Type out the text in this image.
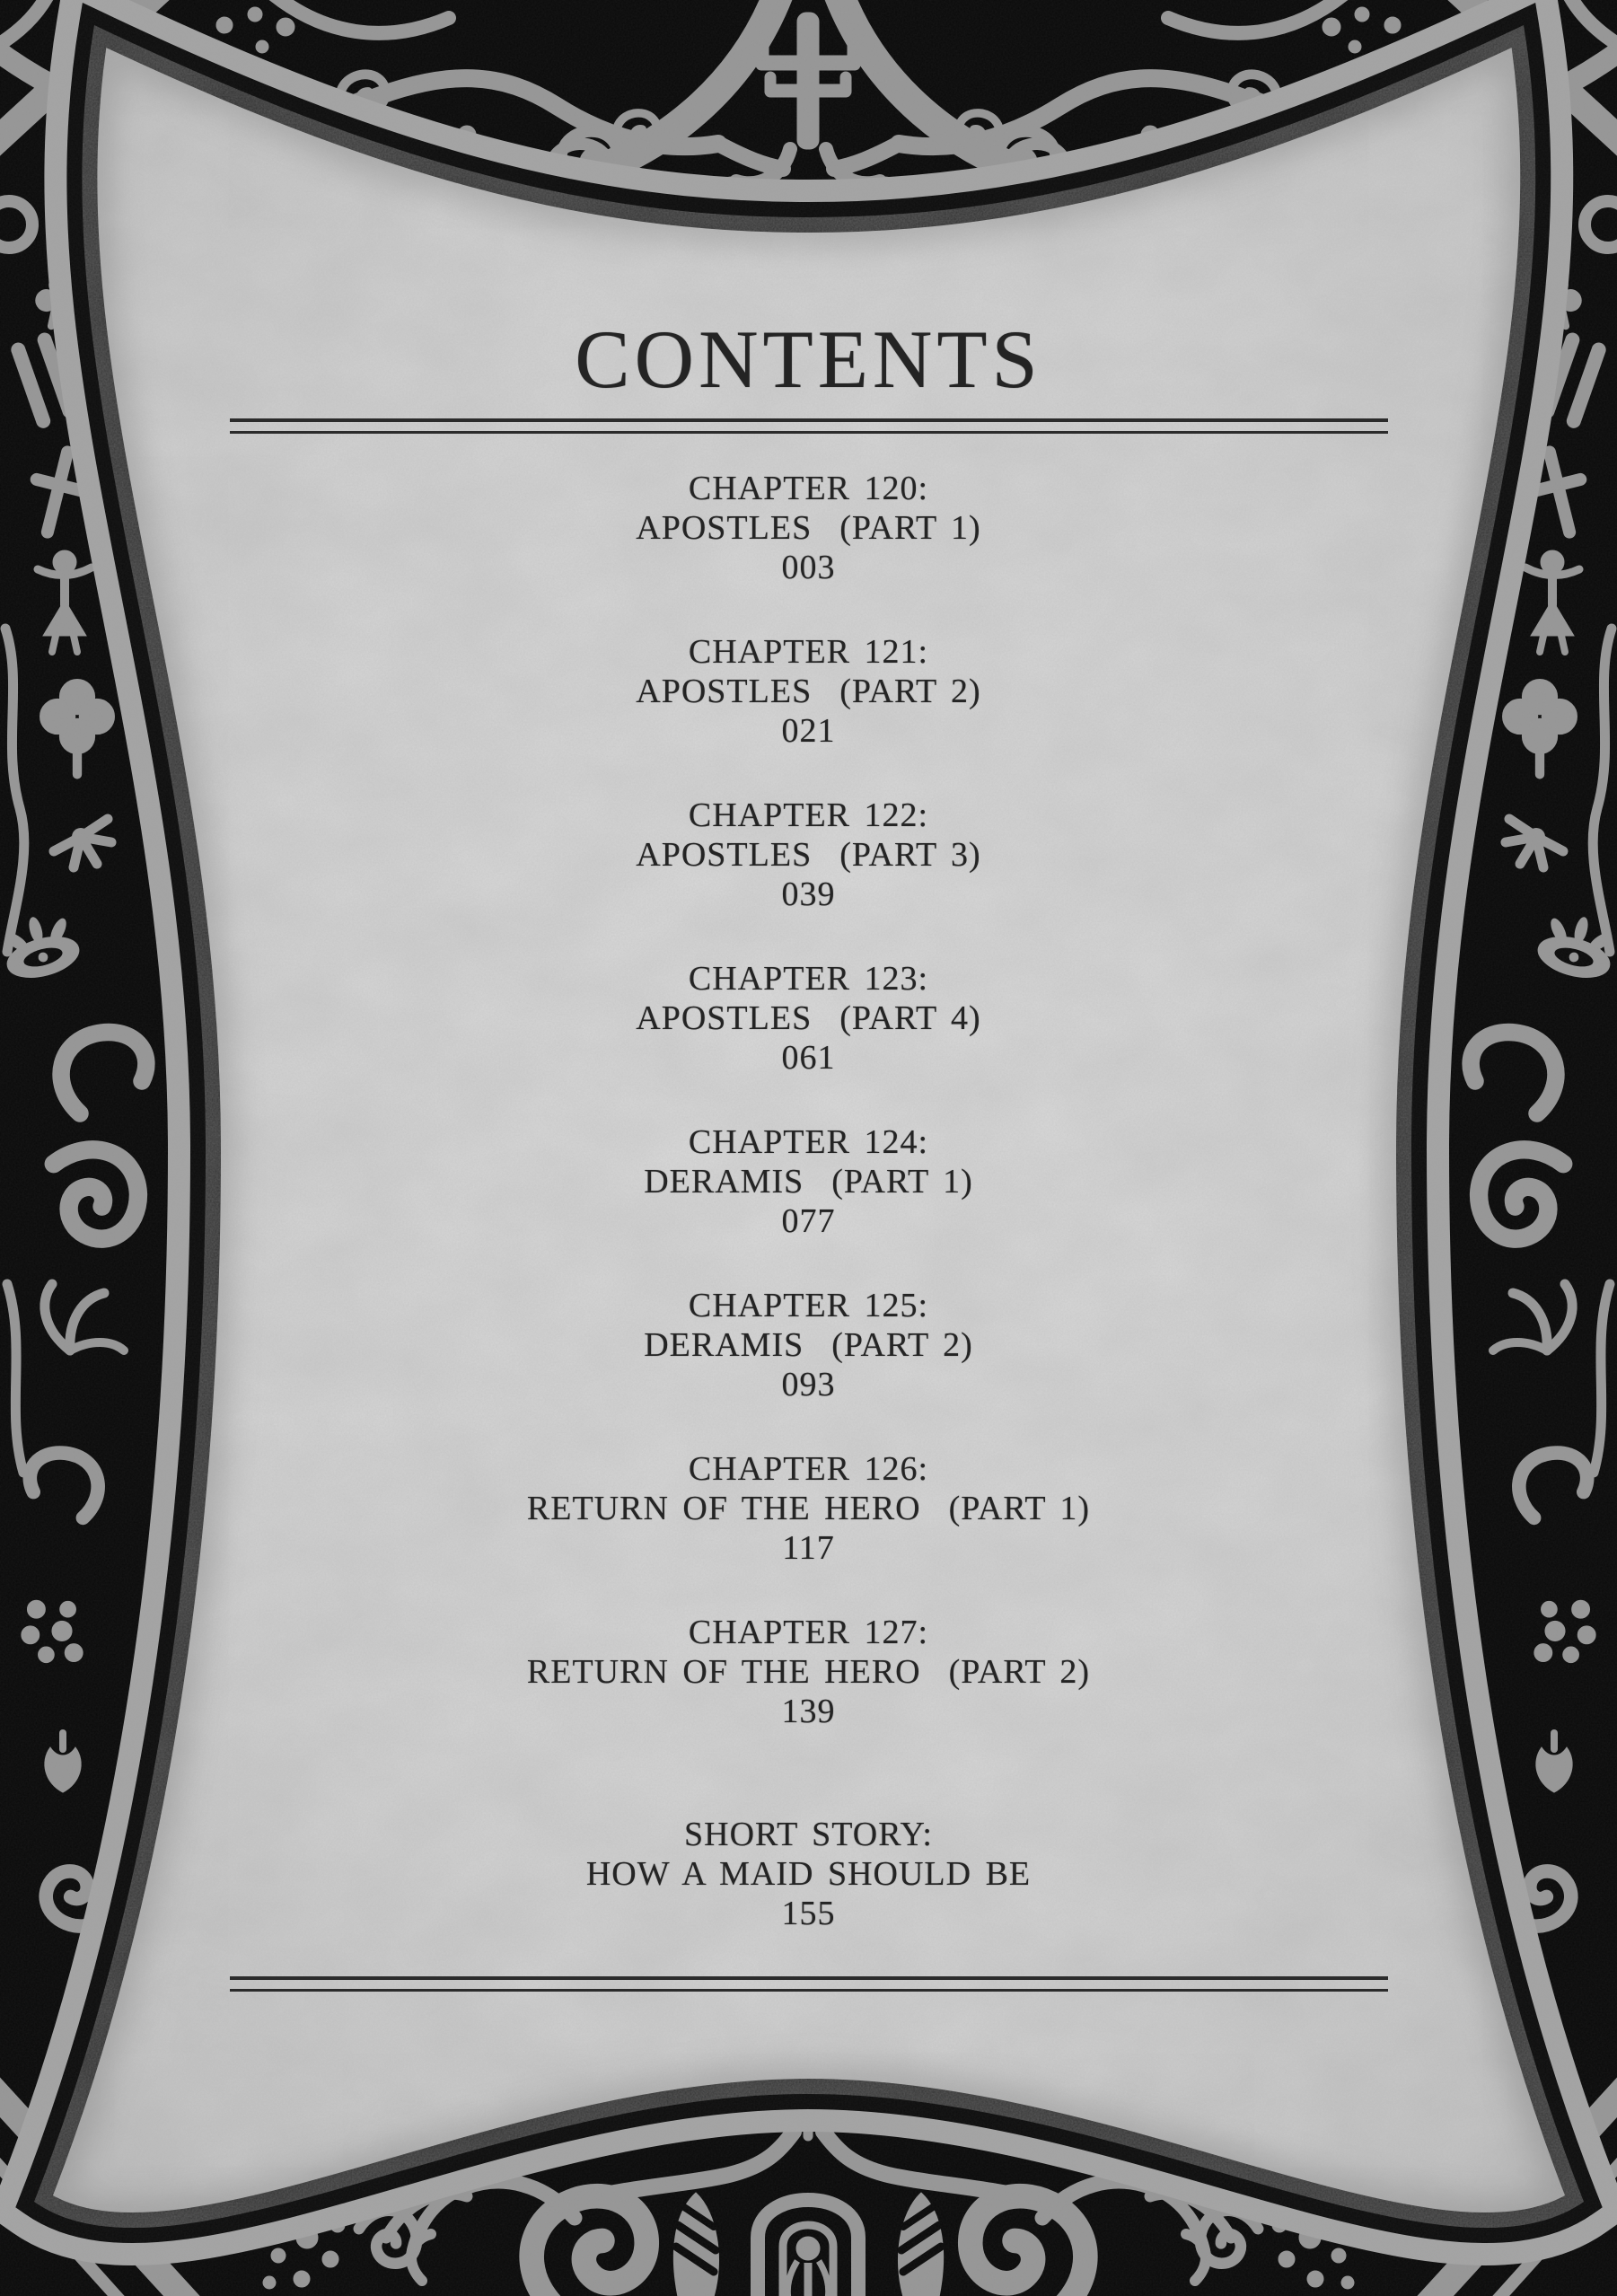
CONTENTS
CHAPTER 120:
APOSTLES  (PART 1)
003
CHAPTER 121:
APOSTLES  (PART 2)
021
CHAPTER 122:
APOSTLES  (PART 3)
039
CHAPTER 123:
APOSTLES  (PART 4)
061
CHAPTER 124:
DERAMIS  (PART 1)
077
CHAPTER 125:
DERAMIS  (PART 2)
093
CHAPTER 126:
RETURN OF THE HERO  (PART 1)
117
CHAPTER 127:
RETURN OF THE HERO  (PART 2)
139
SHORT STORY:
HOW A MAID SHOULD BE
155
